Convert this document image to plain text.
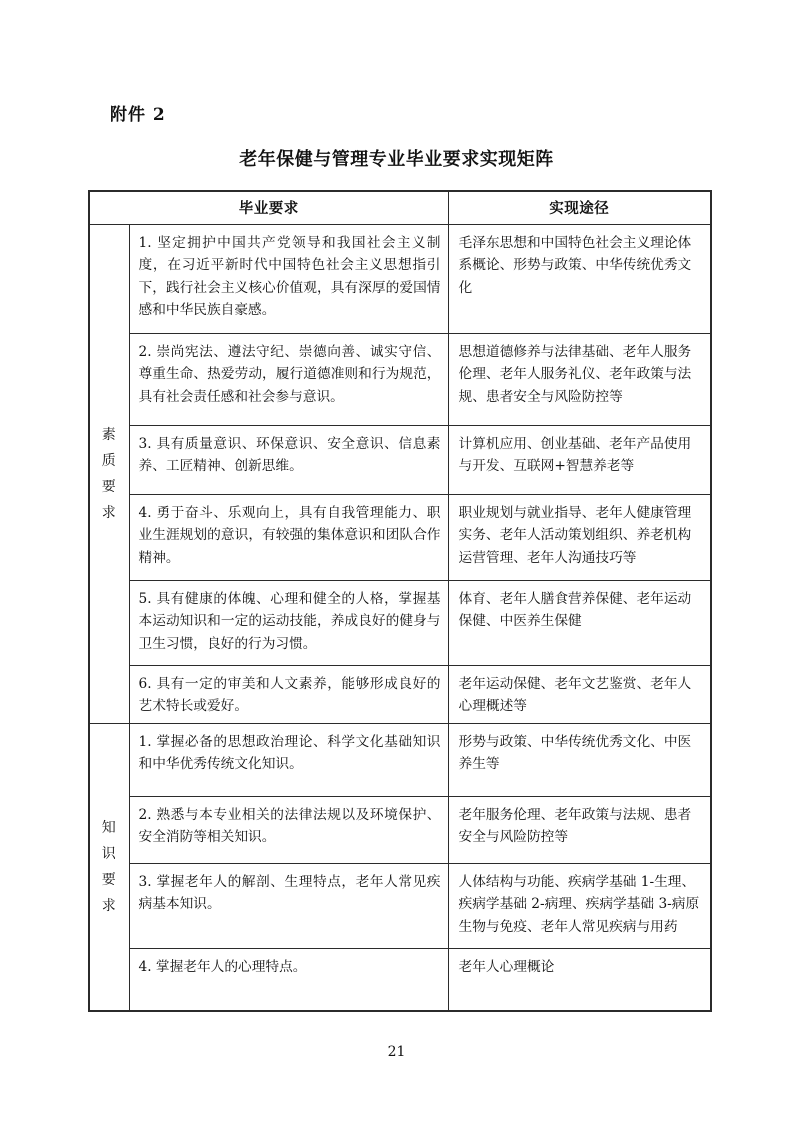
附件 2
老年保健与管理专业毕业要求实现矩阵
毕业要求		实现途径
素质要求	1. 坚定拥护中国共产党领导和我国社会主义制度，在习近平新时代中国特色社会主义思想指引下，践行社会主义核心价值观，具有深厚的爱国情感和中华民族自豪感。	毛泽东思想和中国特色社会主义理论体系概论、形势与政策、中华传统优秀文化
	2. 崇尚宪法、遵法守纪、崇德向善、诚实守信、尊重生命、热爱劳动，履行道德准则和行为规范，具有社会责任感和社会参与意识。	思想道德修养与法律基础、老年人服务伦理、老年人服务礼仪、老年政策与法规、患者安全与风险防控等
	3. 具有质量意识、环保意识、安全意识、信息素养、工匠精神、创新思维。	计算机应用、创业基础、老年产品使用与开发、互联网+智慧养老等
	4. 勇于奋斗、乐观向上，具有自我管理能力、职业生涯规划的意识，有较强的集体意识和团队合作精神。	职业规划与就业指导、老年人健康管理实务、老年人活动策划组织、养老机构运营管理、老年人沟通技巧等
	5. 具有健康的体魄、心理和健全的人格，掌握基本运动知识和一定的运动技能，养成良好的健身与卫生习惯，良好的行为习惯。	体育、老年人膳食营养保健、老年运动保健、中医养生保健
	6. 具有一定的审美和人文素养，能够形成良好的艺术特长或爱好。	老年运动保健、老年文艺鉴赏、老年人心理概述等
知识要求	1. 掌握必备的思想政治理论、科学文化基础知识和中华优秀传统文化知识。	形势与政策、中华传统优秀文化、中医养生等
	2. 熟悉与本专业相关的法律法规以及环境保护、安全消防等相关知识。	老年服务伦理、老年政策与法规、患者安全与风险防控等
	3. 掌握老年人的解剖、生理特点，老年人常见疾病基本知识。	人体结构与功能、疾病学基础 1-生理、疾病学基础 2-病理、疾病学基础 3-病原生物与免疫、老年人常见疾病与用药
	4. 掌握老年人的心理特点。	老年人心理概论
21
